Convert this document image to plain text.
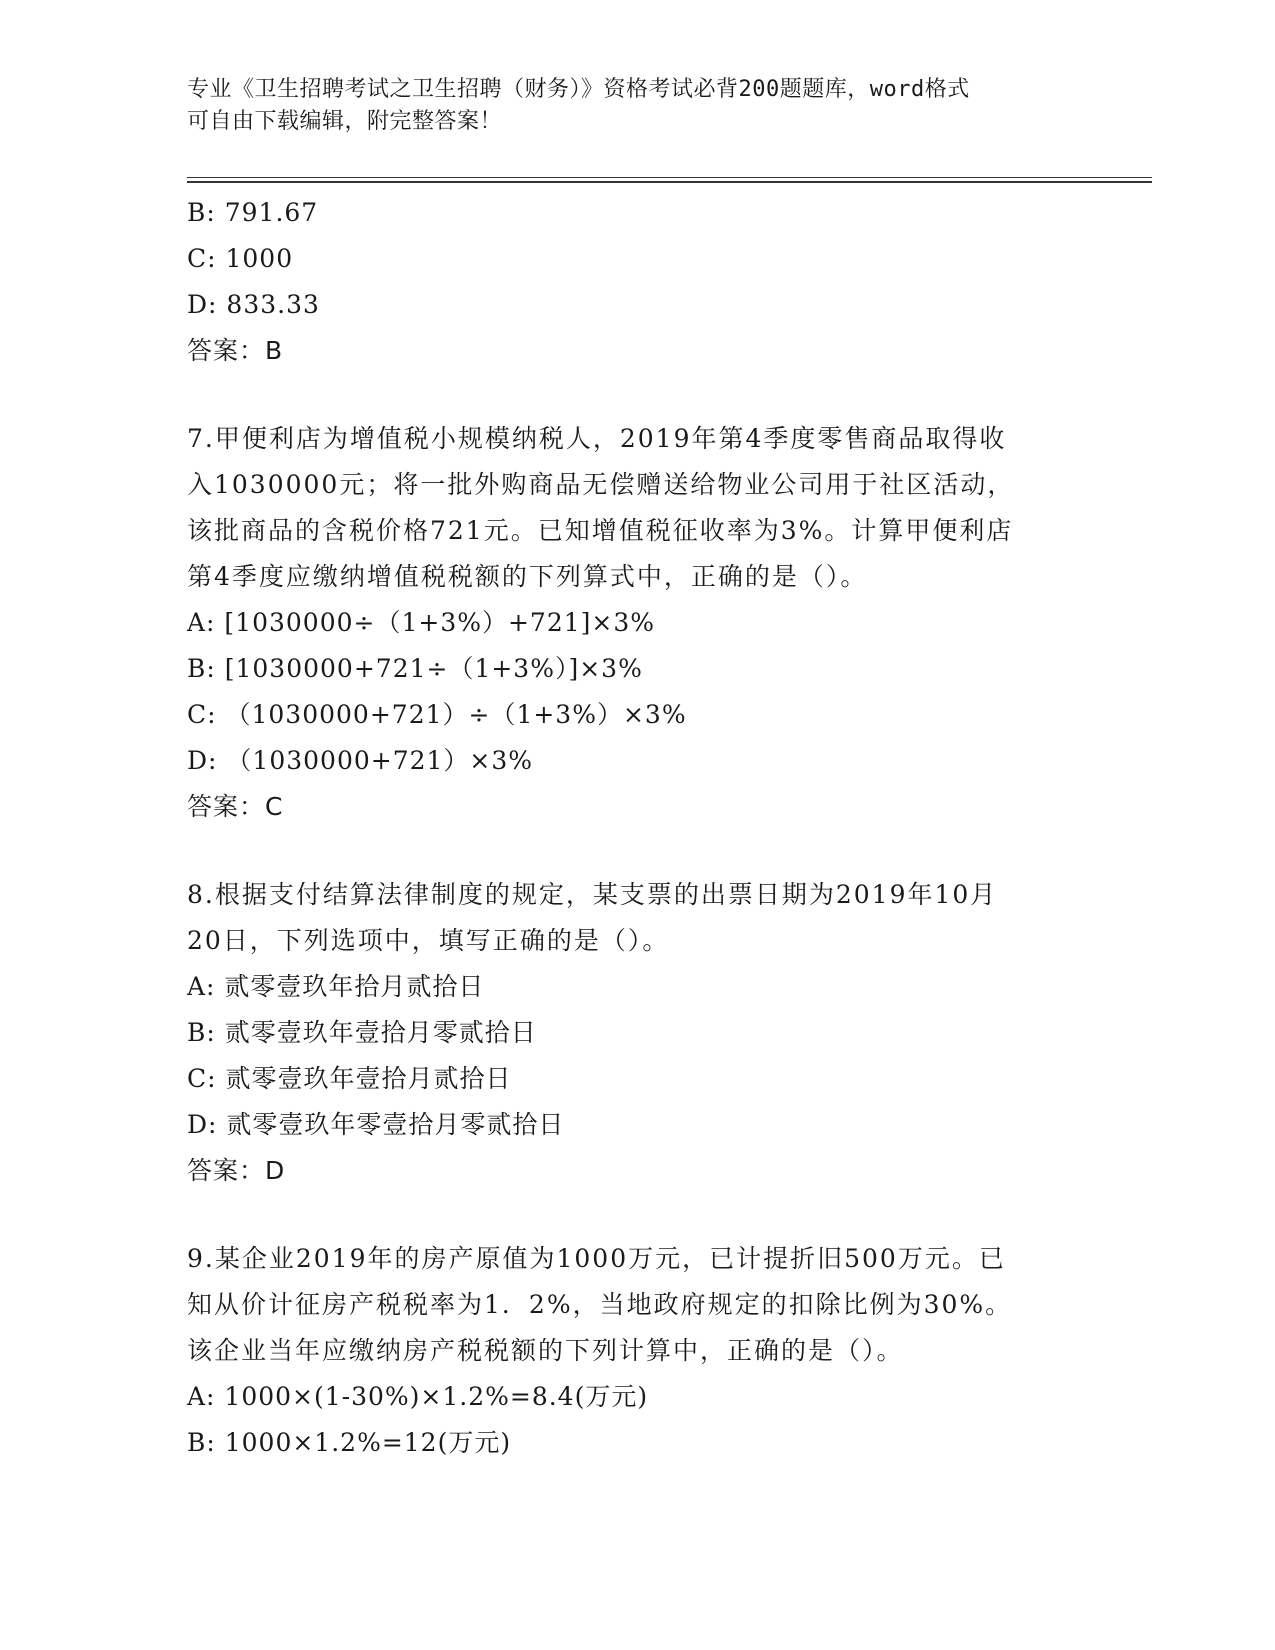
专业《卫生招聘考试之卫生招聘（财务）》资格考试必背200题题库，word格式
可自由下载编辑，附完整答案！
B: 791.67
C: 1000
D: 833.33
答案：B
7.甲便利店为增值税小规模纳税人，2019年第4季度零售商品取得收
入1030000元；将一批外购商品无偿赠送给物业公司用于社区活动，
该批商品的含税价格721元。已知增值税征收率为3%。计算甲便利店
第4季度应缴纳增值税税额的下列算式中，正确的是（）。
A: [1030000÷（1+3%）+721]×3%
B: [1030000+721÷（1+3%）]×3%
C: （1030000+721）÷（1+3%）×3%
D: （1030000+721）×3%
答案：C
8.根据支付结算法律制度的规定，某支票的出票日期为2019年10月
20日，下列选项中，填写正确的是（）。
A: 贰零壹玖年拾月贰拾日
B: 贰零壹玖年壹拾月零贰拾日
C: 贰零壹玖年壹拾月贰拾日
D: 贰零壹玖年零壹拾月零贰拾日
答案：D
9.某企业2019年的房产原值为1000万元，已计提折旧500万元。已
知从价计征房产税税率为1．2%，当地政府规定的扣除比例为30%。
该企业当年应缴纳房产税税额的下列计算中，正确的是（）。
A: 1000×(1-30%)×1.2%=8.4(万元)
B: 1000×1.2%=12(万元)
